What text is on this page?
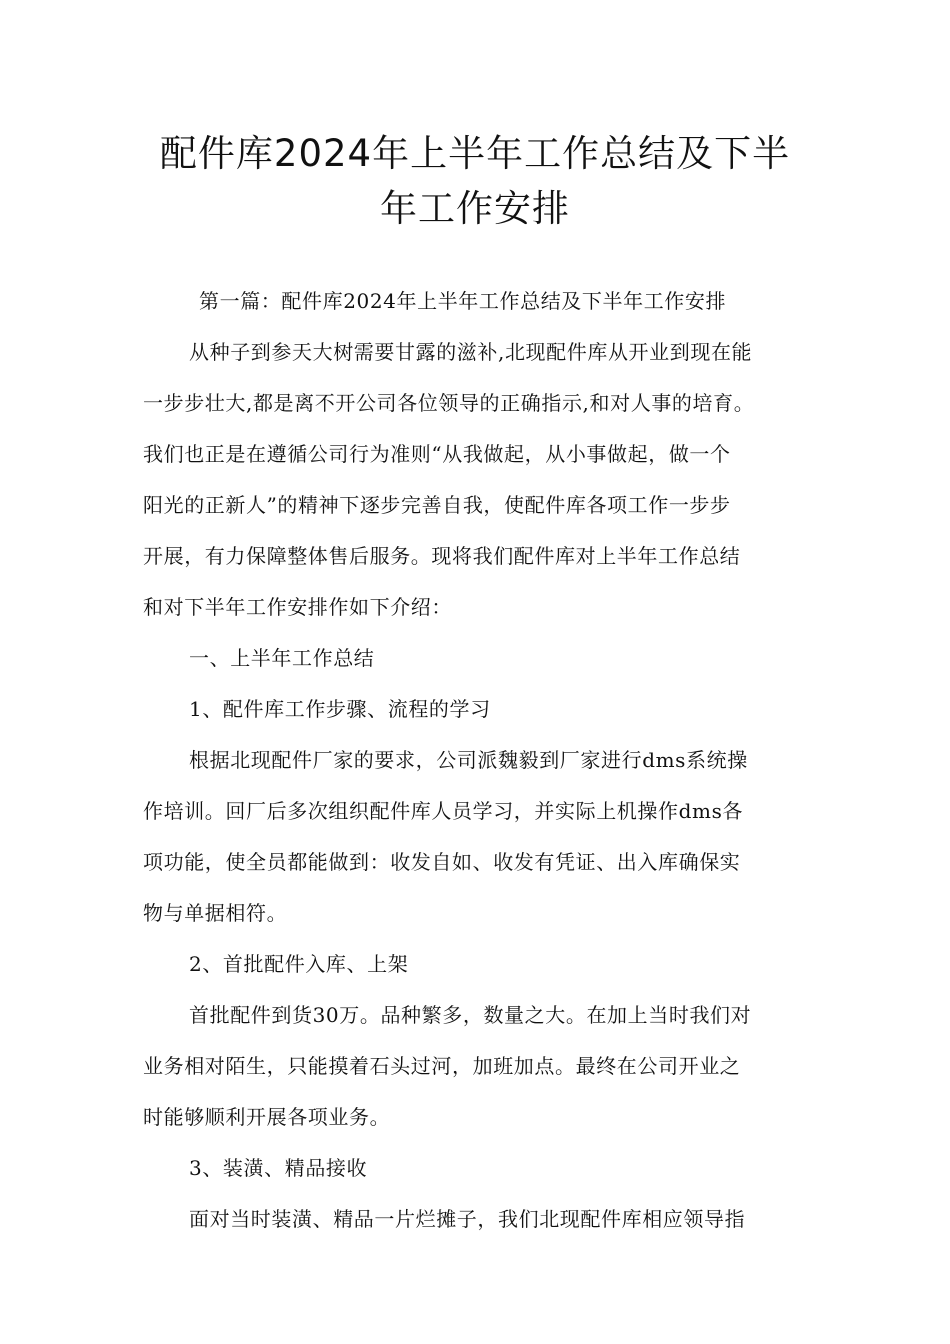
配件库2024年上半年工作总结及下半
年工作安排
第一篇：配件库2024年上半年工作总结及下半年工作安排
从种子到参天大树需要甘露的滋补,北现配件库从开业到现在能
一步步壮大,都是离不开公司各位领导的正确指示,和对人事的培育。
我们也正是在遵循公司行为准则“从我做起，从小事做起，做一个
阳光的正新人”的精神下逐步完善自我，使配件库各项工作一步步
开展，有力保障整体售后服务。现将我们配件库对上半年工作总结
和对下半年工作安排作如下介绍：
一、上半年工作总结
1、配件库工作步骤、流程的学习
根据北现配件厂家的要求，公司派魏毅到厂家进行dms系统操
作培训。回厂后多次组织配件库人员学习，并实际上机操作dms各
项功能，使全员都能做到：收发自如、收发有凭证、出入库确保实
物与单据相符。
2、首批配件入库、上架
首批配件到货30万。品种繁多，数量之大。在加上当时我们对
业务相对陌生，只能摸着石头过河，加班加点。最终在公司开业之
时能够顺利开展各项业务。
3、装潢、精品接收
面对当时装潢、精品一片烂摊子，我们北现配件库相应领导指
